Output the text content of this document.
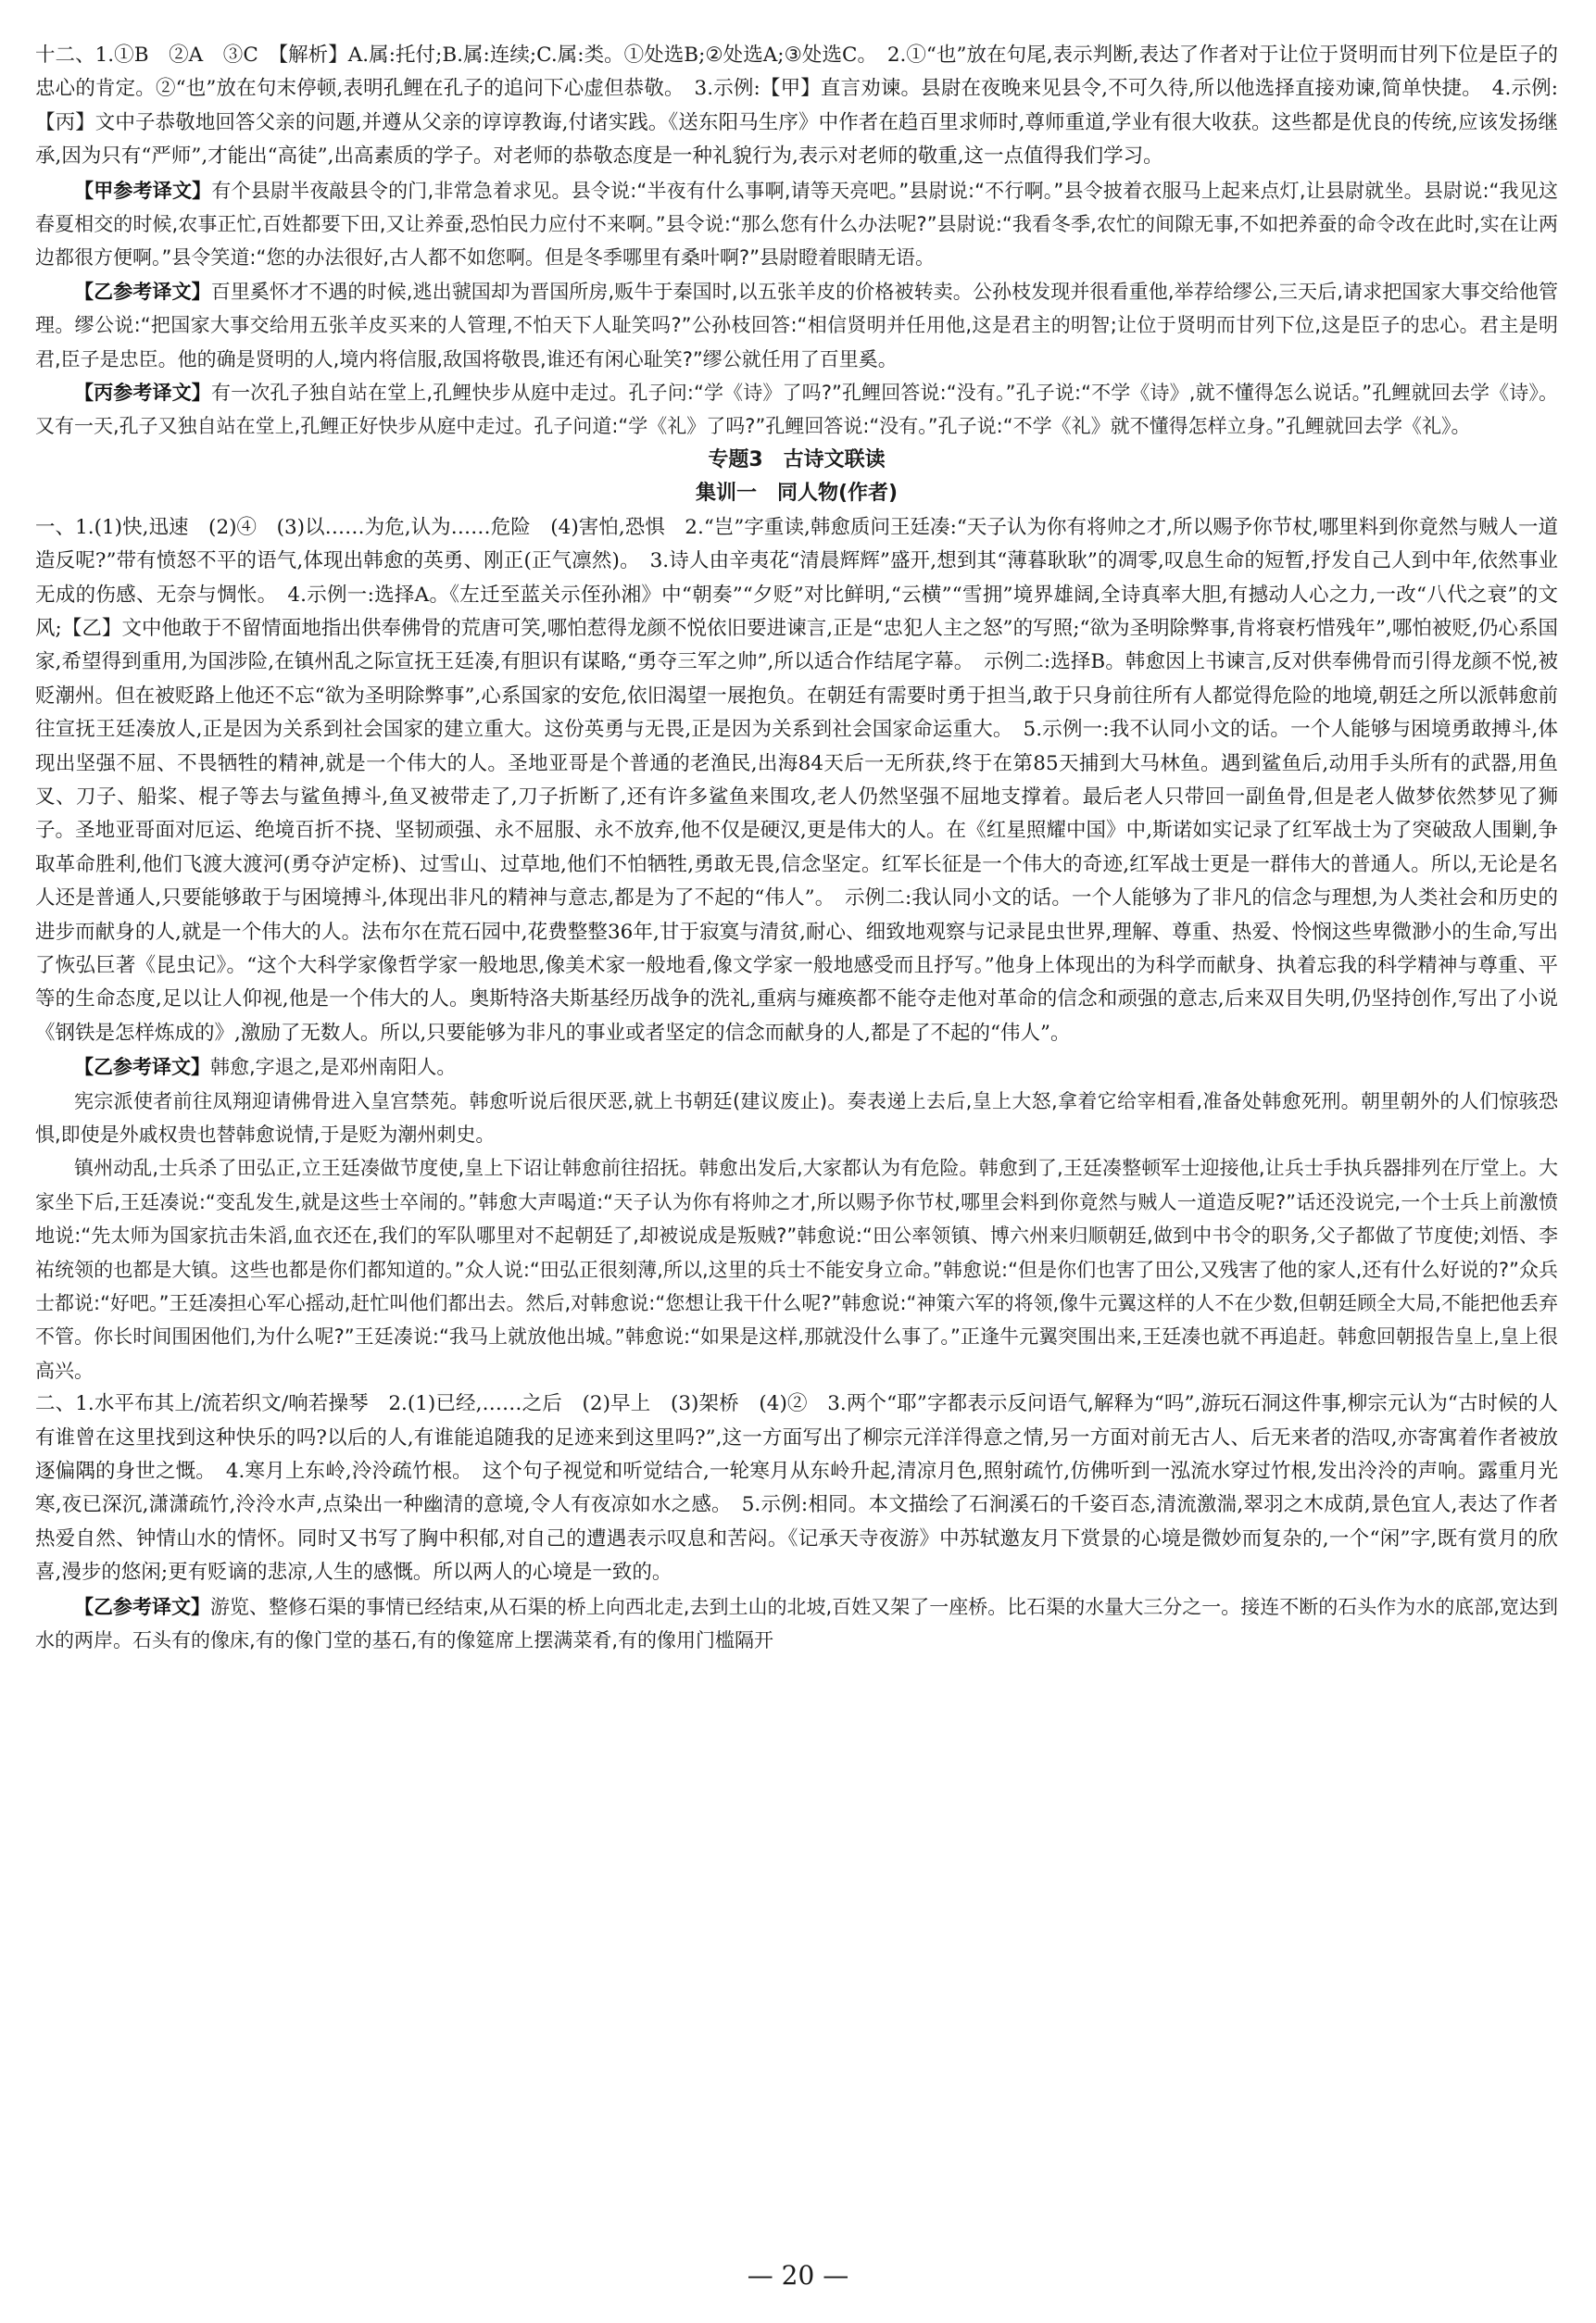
十二、1.①B　②A　③C　【解析】A.属:托付;B.属:连续;C.属:类。①处选B;②处选A;③处选C。　2.①“也”放在句尾,表示判断,表达了作者对于让位于贤明而甘列下位是臣子的忠心的肯定。②“也”放在句末停顿,表明孔鲤在孔子的追问下心虚但恭敬。　3.示例:【甲】直言劝谏。县尉在夜晚来见县令,不可久待,所以他选择直接劝谏,简单快捷。　4.示例:【丙】文中子恭敬地回答父亲的问题,并遵从父亲的谆谆教诲,付诸实践。《送东阳马生序》中作者在趋百里求师时,尊师重道,学业有很大收获。这些都是优良的传统,应该发扬继承,因为只有“严师”,才能出“高徒”,出高素质的学子。对老师的恭敬态度是一种礼貌行为,表示对老师的敬重,这一点值得我们学习。

【甲参考译文】有个县尉半夜敲县令的门,非常急着求见。县令说:“半夜有什么事啊,请等天亮吧。”县尉说:“不行啊。”县令披着衣服马上起来点灯,让县尉就坐。县尉说:“我见这春夏相交的时候,农事正忙,百姓都要下田,又让养蚕,恐怕民力应付不来啊。”县令说:“那么您有什么办法呢?”县尉说:“我看冬季,农忙的间隙无事,不如把养蚕的命令改在此时,实在让两边都很方便啊。”县令笑道:“您的办法很好,古人都不如您啊。但是冬季哪里有桑叶啊?”县尉瞪着眼睛无语。

【乙参考译文】百里奚怀才不遇的时候,逃出虢国却为晋国所房,贩牛于秦国时,以五张羊皮的价格被转卖。公孙枝发现并很看重他,举荐给缪公,三天后,请求把国家大事交给他管理。缪公说:“把国家大事交给用五张羊皮买来的人管理,不怕天下人耻笑吗?”公孙枝回答:“相信贤明并任用他,这是君主的明智;让位于贤明而甘列下位,这是臣子的忠心。君主是明君,臣子是忠臣。他的确是贤明的人,境内将信服,敌国将敬畏,谁还有闲心耻笑?”缪公就任用了百里奚。

【丙参考译文】有一次孔子独自站在堂上,孔鲤快步从庭中走过。孔子问:“学《诗》了吗?”孔鲤回答说:“没有。”孔子说:“不学《诗》,就不懂得怎么说话。”孔鲤就回去学《诗》。又有一天,孔子又独自站在堂上,孔鲤正好快步从庭中走过。孔子问道:“学《礼》了吗?”孔鲤回答说:“没有。”孔子说:“不学《礼》就不懂得怎样立身。”孔鲤就回去学《礼》。

专题3　古诗文联读

集训一　同人物(作者)

一、1.(1)快,迅速　(2)④　(3)以……为危,认为……危险　(4)害怕,恐惧　2.“岂”字重读,韩愈质问王廷凑:“天子认为你有将帅之才,所以赐予你节杖,哪里料到你竟然与贼人一道造反呢?”带有愤怒不平的语气,体现出韩愈的英勇、刚正(正气凛然)。　3.诗人由辛夷花“清晨辉辉”盛开,想到其“薄暮耿耿”的凋零,叹息生命的短暂,抒发自己人到中年,依然事业无成的伤感、无奈与惆怅。　4.示例一:选择A。《左迁至蓝关示侄孙湘》中“朝奏”“夕贬”对比鲜明,“云横”“雪拥”境界雄阔,全诗真率大胆,有撼动人心之力,一改“八代之衰”的文风;【乙】文中他敢于不留情面地指出供奉佛骨的荒唐可笑,哪怕惹得龙颜不悦依旧要进谏言,正是“忠犯人主之怒”的写照;“欲为圣明除弊事,肯将衰朽惜残年”,哪怕被贬,仍心系国家,希望得到重用,为国涉险,在镇州乱之际宣抚王廷凑,有胆识有谋略,“勇夺三军之帅”,所以适合作结尾字幕。　示例二:选择B。韩愈因上书谏言,反对供奉佛骨而引得龙颜不悦,被贬潮州。但在被贬路上他还不忘“欲为圣明除弊事”,心系国家的安危,依旧渴望一展抱负。在朝廷有需要时勇于担当,敢于只身前往所有人都觉得危险的地境,朝廷之所以派韩愈前往宣抚王廷凑放人,正是因为关系到社会国家的建立重大。这份英勇与无畏,正是因为关系到社会国家命运重大。　5.示例一:我不认同小文的话。一个人能够与困境勇敢搏斗,体现出坚强不屈、不畏牺牲的精神,就是一个伟大的人。圣地亚哥是个普通的老渔民,出海84天后一无所获,终于在第85天捕到大马林鱼。遇到鲨鱼后,动用手头所有的武器,用鱼叉、刀子、船桨、棍子等去与鲨鱼搏斗,鱼叉被带走了,刀子折断了,还有许多鲨鱼来围攻,老人仍然坚强不屈地支撑着。最后老人只带回一副鱼骨,但是老人做梦依然梦见了狮子。圣地亚哥面对厄运、绝境百折不挠、坚韧顽强、永不屈服、永不放弃,他不仅是硬汉,更是伟大的人。在《红星照耀中国》中,斯诺如实记录了红军战士为了突破敌人围剿,争取革命胜利,他们飞渡大渡河(勇夺泸定桥)、过雪山、过草地,他们不怕牺牲,勇敢无畏,信念坚定。红军长征是一个伟大的奇迹,红军战士更是一群伟大的普通人。所以,无论是名人还是普通人,只要能够敢于与困境搏斗,体现出非凡的精神与意志,都是为了不起的“伟人”。　示例二:我认同小文的话。一个人能够为了非凡的信念与理想,为人类社会和历史的进步而献身的人,就是一个伟大的人。法布尔在荒石园中,花费整整36年,甘于寂寞与清贫,耐心、细致地观察与记录昆虫世界,理解、尊重、热爱、怜悯这些卑微渺小的生命,写出了恢弘巨著《昆虫记》。“这个大科学家像哲学家一般地思,像美术家一般地看,像文学家一般地感受而且抒写。”他身上体现出的为科学而献身、执着忘我的科学精神与尊重、平等的生命态度,足以让人仰视,他是一个伟大的人。奥斯特洛夫斯基经历战争的洗礼,重病与瘫痪都不能夺走他对革命的信念和顽强的意志,后来双目失明,仍坚持创作,写出了小说《钢铁是怎样炼成的》,激励了无数人。所以,只要能够为非凡的事业或者坚定的信念而献身的人,都是了不起的“伟人”。

【乙参考译文】韩愈,字退之,是邓州南阳人。

宪宗派使者前往凤翔迎请佛骨进入皇宫禁苑。韩愈听说后很厌恶,就上书朝廷(建议废止)。奏表递上去后,皇上大怒,拿着它给宰相看,准备处韩愈死刑。朝里朝外的人们惊骇恐惧,即使是外戚权贵也替韩愈说情,于是贬为潮州刺史。

镇州动乱,士兵杀了田弘正,立王廷凑做节度使,皇上下诏让韩愈前往招抚。韩愈出发后,大家都认为有危险。韩愈到了,王廷凑整顿军士迎接他,让兵士手执兵器排列在厅堂上。大家坐下后,王廷凑说:“变乱发生,就是这些士卒闹的。”韩愈大声喝道:“天子认为你有将帅之才,所以赐予你节杖,哪里会料到你竟然与贼人一道造反呢?”话还没说完,一个士兵上前激愤地说:“先太师为国家抗击朱滔,血衣还在,我们的军队哪里对不起朝廷了,却被说成是叛贼?”韩愈说:“田公率领镇、博六州来归顺朝廷,做到中书令的职务,父子都做了节度使;刘悟、李祐统领的也都是大镇。这些也都是你们都知道的。”众人说:“田弘正很刻薄,所以,这里的兵士不能安身立命。”韩愈说:“但是你们也害了田公,又残害了他的家人,还有什么好说的?”众兵士都说:“好吧。”王廷凑担心军心摇动,赶忙叫他们都出去。然后,对韩愈说:“您想让我干什么呢?”韩愈说:“神策六军的将领,像牛元翼这样的人不在少数,但朝廷顾全大局,不能把他丢弃不管。你长时间围困他们,为什么呢?”王廷凑说:“我马上就放他出城。”韩愈说:“如果是这样,那就没什么事了。”正逢牛元翼突围出来,王廷凑也就不再追赶。韩愈回朝报告皇上,皇上很高兴。

二、1.水平布其上/流若织文/响若操琴　2.(1)已经,……之后　(2)早上　(3)架桥　(4)②　3.两个“耶”字都表示反问语气,解释为“吗”,游玩石洞这件事,柳宗元认为“古时候的人有谁曾在这里找到这种快乐的吗?以后的人,有谁能追随我的足迹来到这里吗?”,这一方面写出了柳宗元洋洋得意之情,另一方面对前无古人、后无来者的浩叹,亦寄寓着作者被放逐偏隅的身世之慨。　4.寒月上东岭,泠泠疏竹根。　这个句子视觉和听觉结合,一轮寒月从东岭升起,清凉月色,照射疏竹,仿佛听到一泓流水穿过竹根,发出泠泠的声响。露重月光寒,夜已深沉,潇潇疏竹,泠泠水声,点染出一种幽清的意境,令人有夜凉如水之感。　5.示例:相同。本文描绘了石涧溪石的千姿百态,清流激湍,翠羽之木成荫,景色宜人,表达了作者热爱自然、钟情山水的情怀。同时又书写了胸中积郁,对自己的遭遇表示叹息和苦闷。《记承天寺夜游》中苏轼邀友月下赏景的心境是微妙而复杂的,一个“闲”字,既有赏月的欣喜,漫步的悠闲;更有贬谪的悲凉,人生的感慨。所以两人的心境是一致的。

【乙参考译文】游览、整修石渠的事情已经结束,从石渠的桥上向西北走,去到土山的北坡,百姓又架了一座桥。比石渠的水量大三分之一。接连不断的石头作为水的底部,宽达到水的两岸。石头有的像床,有的像门堂的基石,有的像筵席上摆满菜肴,有的像用门槛隔开

— 20 —
